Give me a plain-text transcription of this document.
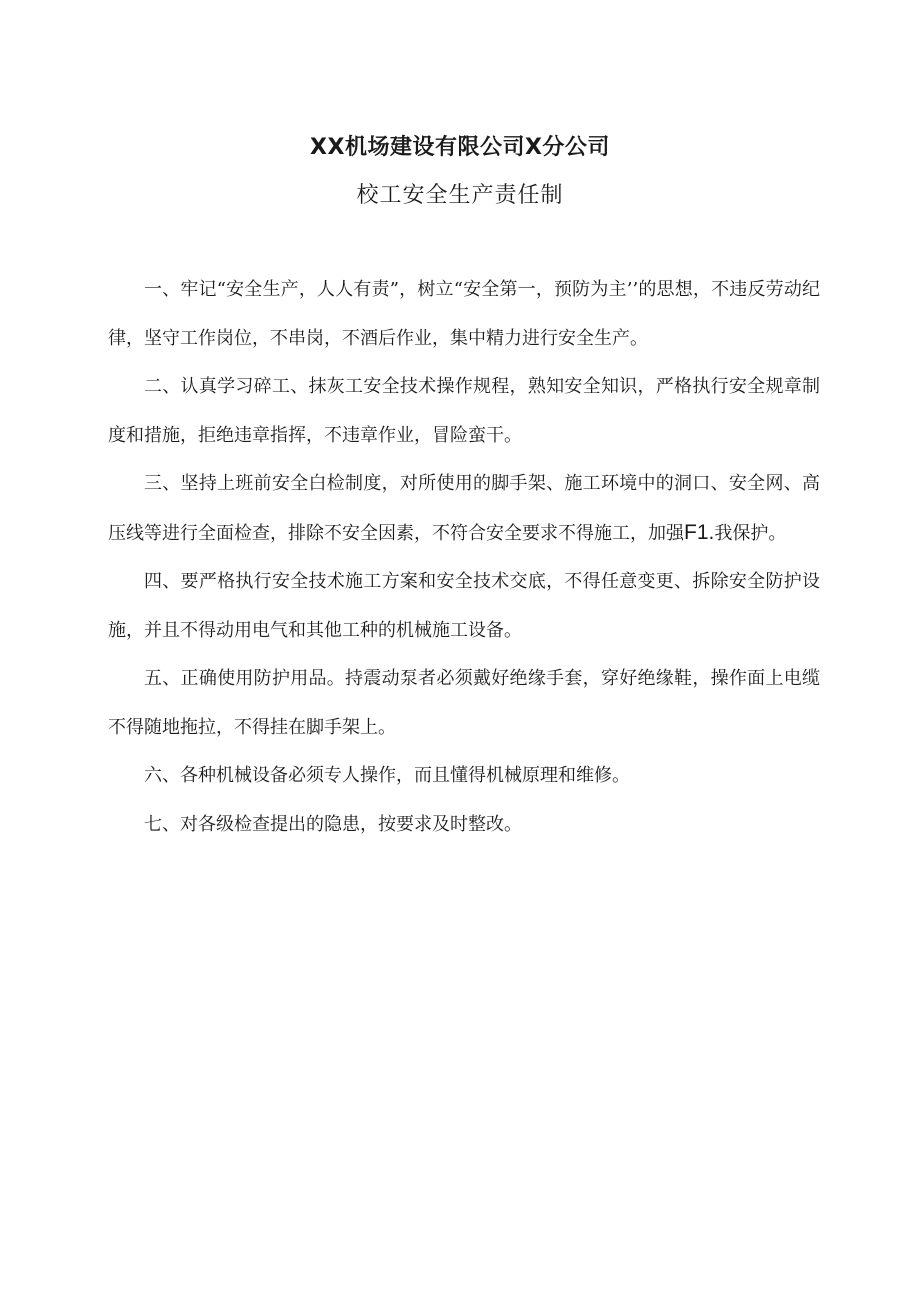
XX机场建设有限公司X分公司
校工安全生产责任制

一、牢记“安全生产，人人有责”，树立“安全第一，预防为主’’的思想，不违反劳动纪律，坚守工作岗位，不串岗，不酒后作业，集中精力进行安全生产。

二、认真学习碎工、抹灰工安全技术操作规程，熟知安全知识，严格执行安全规章制度和措施，拒绝违章指挥，不违章作业，冒险蛮干。

三、坚持上班前安全白检制度，对所使用的脚手架、施工环境中的洞口、安全网、高压线等进行全面检查，排除不安全因素，不符合安全要求不得施工，加强F1.我保护。

四、要严格执行安全技术施工方案和安全技术交底，不得任意变更、拆除安全防护设施，并且不得动用电气和其他工种的机械施工设备。

五、正确使用防护用品。持震动泵者必须戴好绝缘手套，穿好绝缘鞋，操作面上电缆不得随地拖拉，不得挂在脚手架上。

六、各种机械设备必须专人操作，而且懂得机械原理和维修。

七、对各级检查提出的隐患，按要求及时整改。
